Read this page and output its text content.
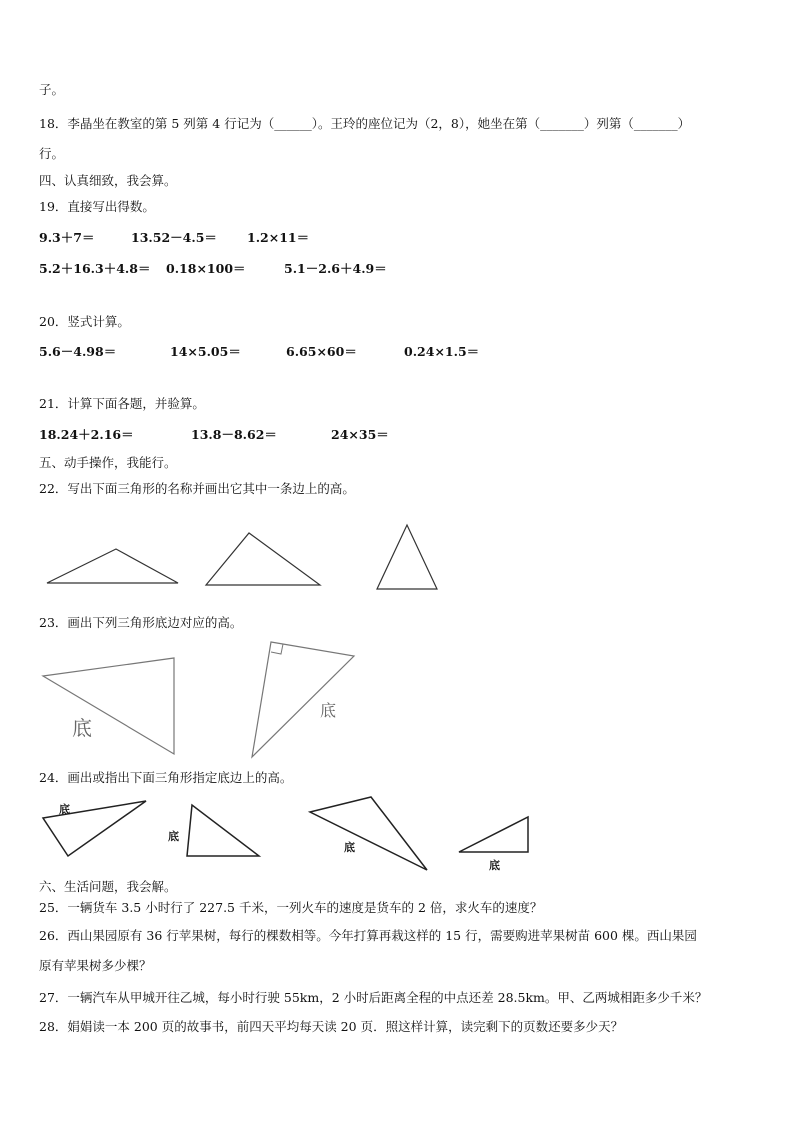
子。
18．李晶坐在教室的第 5 列第 4 行记为（______）。王玲的座位记为（2，8），她坐在第（_______）列第（_______）
行。
四、认真细致，我会算。
19．直接写出得数。
9.3＋7＝	13.52－4.5＝ 1.2×11＝
5.2＋16.3＋4.8＝ 0.18×100＝	5.1－2.6＋4.9＝
20．竖式计算。
5.6－4.98＝	14×5.05＝	6.65×60＝	0.24×1.5＝
21．计算下面各题，并验算。
18.24＋2.16＝	13.8－8.62＝	24×35＝
五、动手操作，我能行。
22．写出下面三角形的名称并画出它其中一条边上的高。
23．画出下列三角形底边对应的高。
底
底
24．画出或指出下面三角形指定底边上的高。
底
底
底
底
六、生活问题，我会解。
25．一辆货车 3.5 小时行了 227.5 千米，一列火车的速度是货车的 2 倍，求火车的速度？
26．西山果园原有 36 行苹果树，每行的棵数相等。今年打算再栽这样的 15 行，需要购进苹果树苗 600 棵。西山果园
原有苹果树多少棵？
27．一辆汽车从甲城开往乙城，每小时行驶 55km，2 小时后距离全程的中点还差 28.5km。甲、乙两城相距多少千米？
28．娟娟读一本 200 页的故事书，前四天平均每天读 20 页．照这样计算，读完剩下的页数还要多少天？
